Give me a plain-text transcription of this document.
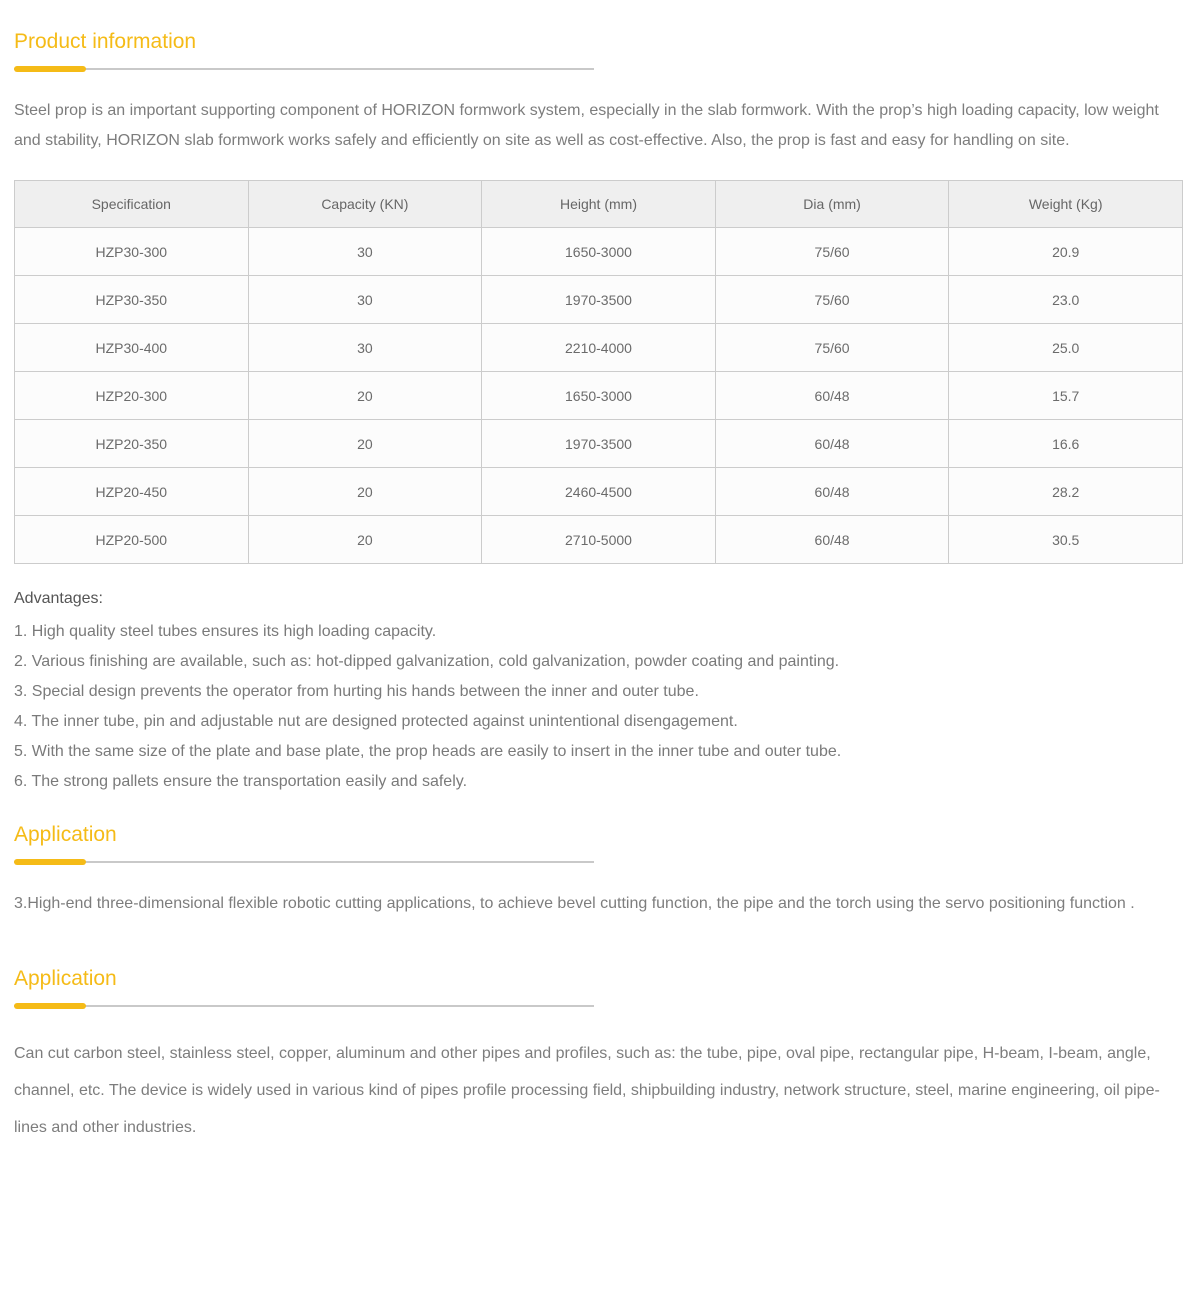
Product information
Steel prop is an important supporting component of HORIZON formwork system, especially in the slab formwork. With the prop’s high loading capacity, low weight and stability, HORIZON slab formwork works safely and efficiently on site as well as cost-effective. Also, the prop is fast and easy for handling on site.
Specification	Capacity (KN)	Height (mm)	Dia (mm)	Weight (Kg)
HZP30-300	30	1650-3000	75/60	20.9
HZP30-350	30	1970-3500	75/60	23.0
HZP30-400	30	2210-4000	75/60	25.0
HZP20-300	20	1650-3000	60/48	15.7
HZP20-350	20	1970-3500	60/48	16.6
HZP20-450	20	2460-4500	60/48	28.2
HZP20-500	20	2710-5000	60/48	30.5
Advantages:
1. High quality steel tubes ensures its high loading capacity.
2. Various finishing are available, such as: hot-dipped galvanization, cold galvanization, powder coating and painting.
3. Special design prevents the operator from hurting his hands between the inner and outer tube.
4. The inner tube, pin and adjustable nut are designed protected against unintentional disengagement.
5. With the same size of the plate and base plate, the prop heads are easily to insert in the inner tube and outer tube.
6. The strong pallets ensure the transportation easily and safely.
Application
3.High-end three-dimensional flexible robotic cutting applications, to achieve bevel cutting function, the pipe and the torch using the servo positioning function .
Application
Can cut carbon steel, stainless steel, copper, aluminum and other pipes and profiles, such as: the tube, pipe, oval pipe, rectangular pipe, H-beam, I-beam, angle, channel, etc. The device is widely used in various kind of pipes profile processing field, shipbuilding industry, network structure, steel, marine engineering, oil pipe-lines and other industries.
